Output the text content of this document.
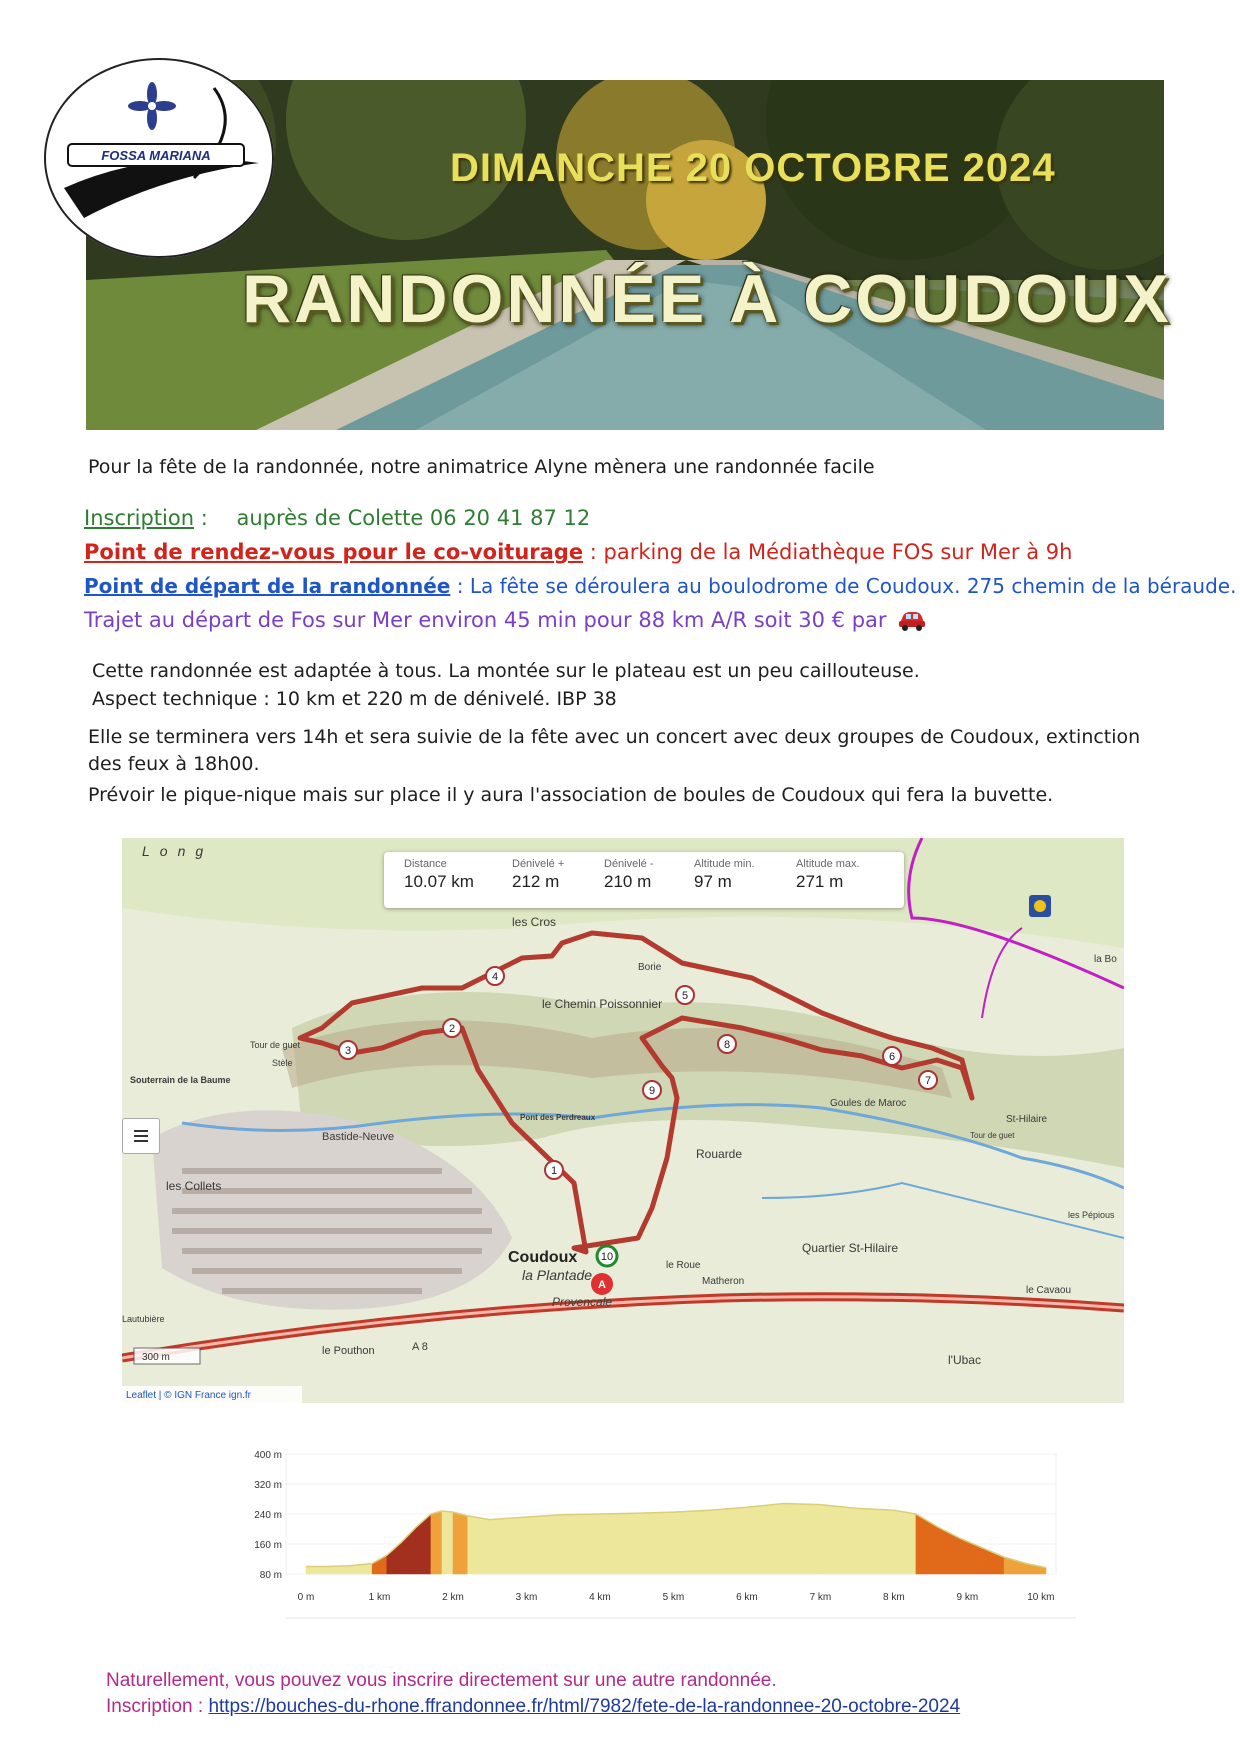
FOSSA MARIANA	DIMANCHE 20 OCTOBRE 2024
RANDONNÉE À COUDOUX
Pour la fête de la randonnée, notre animatrice Alyne mènera une randonnée facile
Inscription : auprès de Colette 06 20 41 87 12
Point de rendez-vous pour le co-voiturage : parking de la Médiathèque FOS sur Mer à 9h
Point de départ de la randonnée : La fête se déroulera au boulodrome de Coudoux. 275 chemin de la béraude.
Trajet au départ de Fos sur Mer environ 45 min pour 88 km A/R soit 30 € par
Cette randonnée est adaptée à tous. La montée sur le plateau est un peu caillouteuse.
Aspect technique : 10 km et 220 m de dénivelé. IBP 38
Elle se terminera vers 14h et sera suivie de la fête avec un concert avec deux groupes de Coudoux, extinction
des feux à 18h00.
Prévoir le pique-nique mais sur place il y aura l'association de boules de Coudoux qui fera la buvette.
1
2
3
4
5
6
7
8
9
10
A
Long
les Cros
le Chemin Poissonnier
Tour de guet
Stèle
Souterrain de la Baume
Bastide-Neuve
Pont des Perdreaux
Rouarde
les Collets
Coudoux
la Plantade
le Roue
Matheron
Quartier St-Hilaire
Provencale
le Pouthon	A 8
l'Ubac
le Cavaou
les Pépious
St-Hilaire
Goules de Maroc
Borie
Lautubière
Tour de guet
la Bo
300 m
Leaflet | © IGN France ign.fr
Distance
10.07 km
Dénivelé +
212 m
Dénivelé -
210 m
Altitude min.
97 m
Altitude max.
271 m
80 m
160 m
240 m
320 m
400 m
0 m	1 km	2 km	3 km	4 km	5 km	6 km	7 km	8 km	9 km	10 km
Naturellement, vous pouvez vous inscrire directement sur une autre randonnée.
Inscription : https://bouches-du-rhone.ffrandonnee.fr/html/7982/fete-de-la-randonnee-20-octobre-2024
